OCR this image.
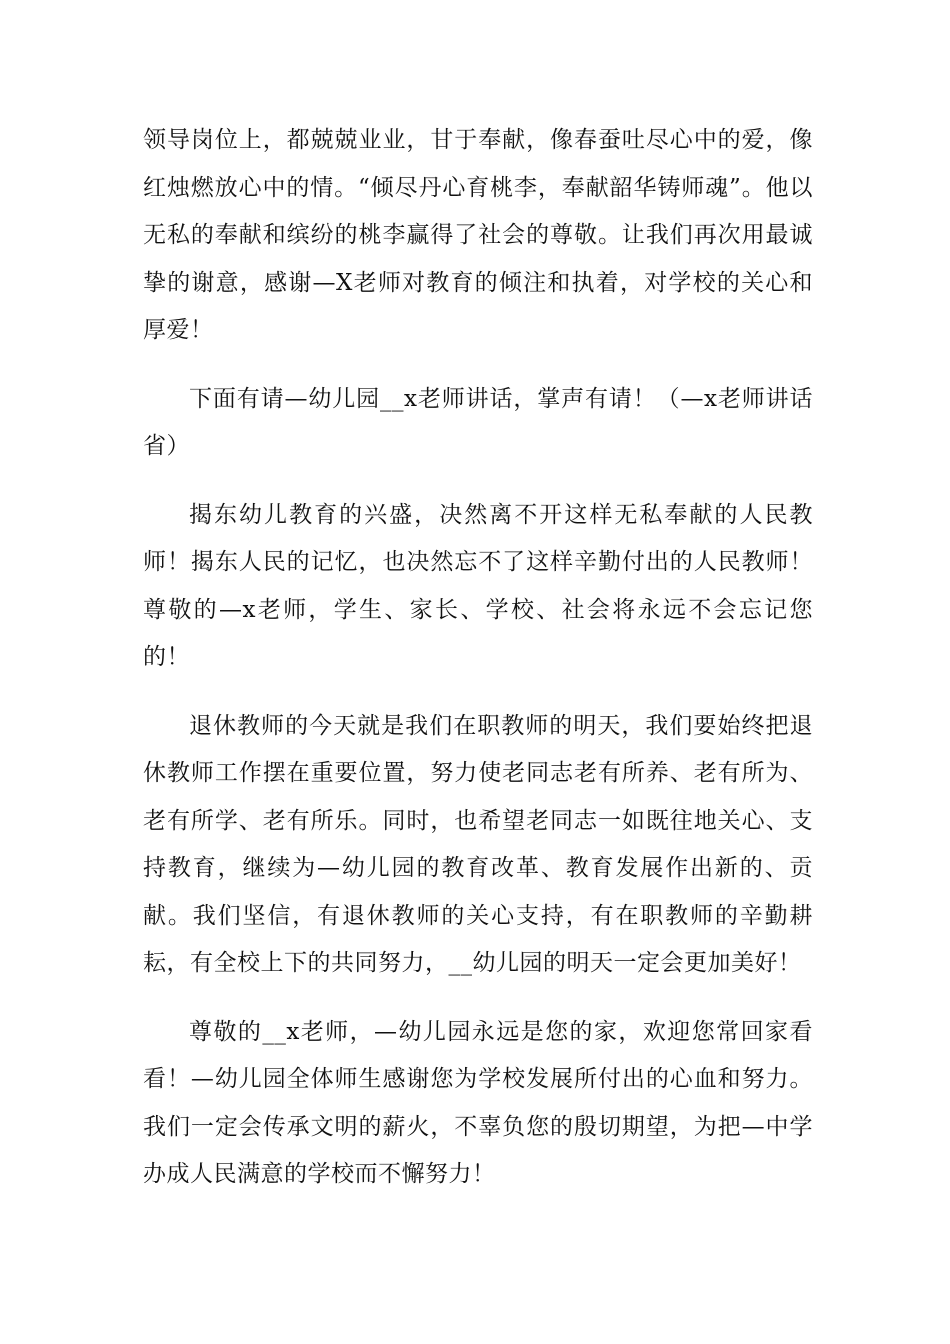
领导岗位上，都兢兢业业，甘于奉献，像春蚕吐尽心中的爱，像红烛燃放心中的情。“倾尽丹心育桃李，奉献韶华铸师魂”。他以无私的奉献和缤纷的桃李赢得了社会的尊敬。让我们再次用最诚挚的谢意，感谢—X老师对教育的倾注和执着，对学校的关心和厚爱！

下面有请—幼儿园__x老师讲话，掌声有请！（—x老师讲话省）

揭东幼儿教育的兴盛，决然离不开这样无私奉献的人民教师！揭东人民的记忆，也决然忘不了这样辛勤付出的人民教师！尊敬的—x老师，学生、家长、学校、社会将永远不会忘记您的！

退休教师的今天就是我们在职教师的明天，我们要始终把退休教师工作摆在重要位置，努力使老同志老有所养、老有所为、老有所学、老有所乐。同时，也希望老同志一如既往地关心、支持教育，继续为—幼儿园的教育改革、教育发展作出新的、贡献。我们坚信，有退休教师的关心支持，有在职教师的辛勤耕耘，有全校上下的共同努力，__幼儿园的明天一定会更加美好！

尊敬的__x老师，—幼儿园永远是您的家，欢迎您常回家看看！—幼儿园全体师生感谢您为学校发展所付出的心血和努力。我们一定会传承文明的薪火，不辜负您的殷切期望，为把—中学办成人民满意的学校而不懈努力！
